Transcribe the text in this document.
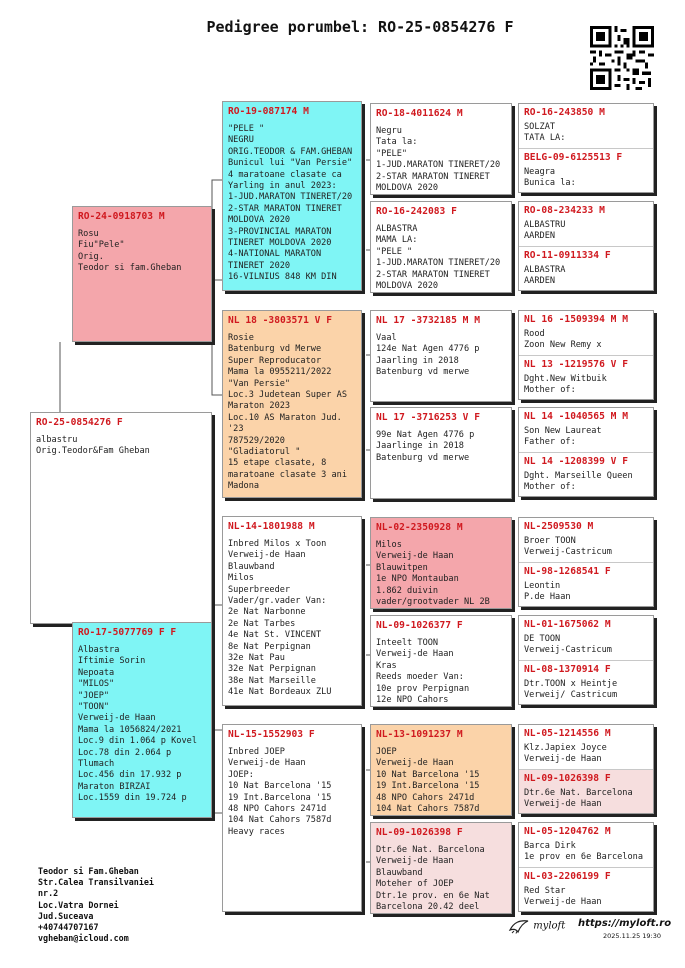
Pedigree porumbel: RO-25-0854276 F
RO-25-0854276 F
albastru
Orig.Teodor&Fam Gheban
RO-24-0918703 M
Rosu
Fiu"Pele"
Orig.
Teodor si fam.Gheban
RO-17-5077769 F F
Albastra
Iftimie Sorin
Nepoata
"MILOS"
"JOEP"
"TOON"
Verweij-de Haan
Mama la 1056824/2021
Loc.9 din 1.064 p Kovel
Loc.78 din 2.064 p
Tlumach
Loc.456 din 17.932 p
Maraton BIRZAI
Loc.1559 din 19.724 p
RO-19-087174 M
"PELE "
NEGRU
ORIG.TEODOR & FAM.GHEBAN
Bunicul lui "Van Persie"
4 maratoane clasate ca
Yarling in anul 2023:
1-JUD.MARATON TINERET/20
2-STAR MARATON TINERET
MOLDOVA 2020
3-PROVINCIAL MARATON
TINERET MOLDOVA 2020
4-NATIONAL MARATON
TINERET 2020
16-VILNIUS 848 KM DIN
NL 18 -3803571 V F
Rosie
Batenburg vd Merwe
Super Reproducator
Mama la 0955211/2022
"Van Persie"
Loc.3 Judetean Super AS
Maraton 2023
Loc.10 AS Maraton Jud.
'23
787529/2020
"Gladiatorul "
15 etape clasate, 8
maratoane clasate 3 ani
Madona
NL-14-1801988 M
Inbred Milos x Toon
Verweij-de Haan
Blauwband
Milos
Superbreeder
Vader/gr.vader Van:
2e Nat Narbonne
2e Nat Tarbes
4e Nat St. VINCENT
8e Nat Perpignan
32e Nat Pau
32e Nat Perpignan
38e Nat Marseille
41e Nat Bordeaux ZLU
NL-15-1552903 F
Inbred JOEP
Verweij-de Haan
JOEP:
10 Nat Barcelona '15
19 Int.Barcelona '15
48 NPO Cahors 2471d
104 Nat Cahors 7587d
Heavy races
RO-18-4011624 M
Negru
Tata la:
"PELE"
1-JUD.MARATON TINERET/20
2-STAR MARATON TINERET
MOLDOVA 2020
RO-16-242083 F
ALBASTRA
MAMA LA:
"PELE "
1-JUD.MARATON TINERET/20
2-STAR MARATON TINERET
MOLDOVA 2020
NL 17 -3732185 M M
Vaal
124e Nat Agen 4776 p
Jaarling in 2018
Batenburg vd merwe
NL 17 -3716253 V F
99e Nat Agen 4776 p
Jaarlinge in 2018
Batenburg vd merwe
NL-02-2350928 M
Milos
Verweij-de Haan
Blauwitpen
1e NPO Montauban
1.862 duivin
vader/grootvader NL 2B
NL-09-1026377 F
Inteelt TOON
Verweij-de Haan
Kras
Reeds moeder Van:
10e prov Perpignan
12e NPO Cahors
NL-13-1091237 M
JOEP
Verweij-de Haan
10 Nat Barcelona '15
19 Int.Barcelona '15
48 NPO Cahors 2471d
104 Nat Cahors 7587d
NL-09-1026398 F
Dtr.6e Nat. Barcelona
Verweij-de Haan
Blauwband
Moteher of JOEP
Dtr.1e prov. en 6e Nat
Barcelona 20.42 deel
RO-16-243850 M
SOLZAT
TATA LA:
BELG-09-6125513 F
Neagra
Bunica la:
RO-08-234233 M
ALBASTRU
AARDEN
RO-11-0911334 F
ALBASTRA
AARDEN
NL 16 -1509394 M M
Rood
Zoon New Remy x
NL 13 -1219576 V F
Dght.New Witbuik
Mother of:
NL 14 -1040565 M M
Son New Laureat
Father of:
NL 14 -1208399 V F
Dght. Marseille Queen
Mother of:
NL-2509530 M
Broer TOON
Verweij-Castricum
NL-98-1268541 F
Leontin
P.de Haan
NL-01-1675062 M
DE TOON
Verweij-Castricum
NL-08-1370914 F
Dtr.TOON x Heintje
Verweij/ Castricum
NL-05-1214556 M
Klz.Japiex Joyce
Verweij-de Haan
NL-09-1026398 F
Dtr.6e Nat. Barcelona
Verweij-de Haan
NL-05-1204762 M
Barca Dirk
1e prov en 6e Barcelona
NL-03-2206199 F
Red Star
Verweij-de Haan
Teodor si Fam.Gheban
Str.Calea Transilvaniei
nr.2
Loc.Vatra Dornei
Jud.Suceava
+40744707167
vgheban@icloud.com
myloft https://myloft.ro
2025.11.25 19:30
